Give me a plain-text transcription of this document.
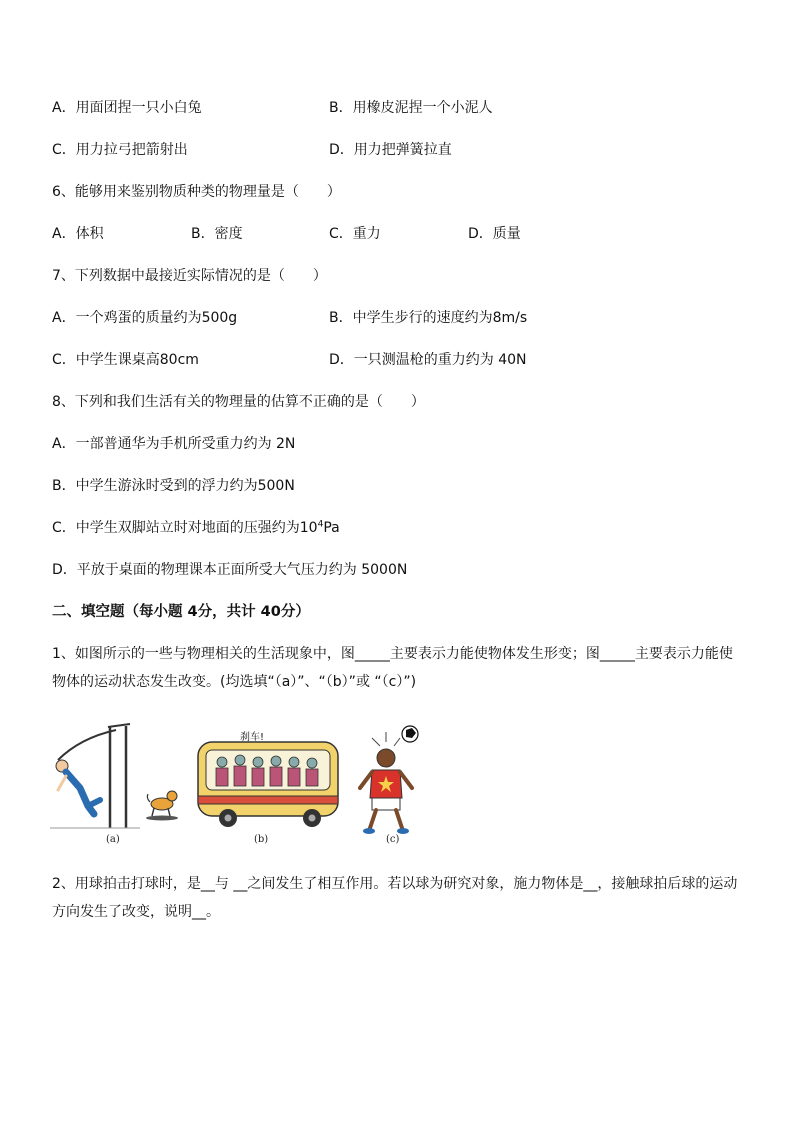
A．用面团捏一只小白兔	B．用橡皮泥捏一个小泥人
C．用力拉弓把箭射出	D．用力把弹簧拉直
6、能够用来鉴别物质种类的物理量是（　　）
A．体积	B．密度	C．重力	D．质量
7、下列数据中最接近实际情况的是（　　）
A．一个鸡蛋的质量约为500g	B．中学生步行的速度约为8m/s
C．中学生课桌高80cm	D．一只测温枪的重力约为 40N
8、下列和我们生活有关的物理量的估算不正确的是（　　）
A．一部普通华为手机所受重力约为 2N
B．中学生游泳时受到的浮力约为500N
C．中学生双脚站立时对地面的压强约为$10^4Pa$
D．平放于桌面的物理课本正面所受大气压力约为 5000N
二、填空题（每小题 4分，共计 40分）
1、如图所示的一些与物理相关的生活现象中，图_____主要表示力能使物体发生形变；图_____主要表示力能使物体的运动状态发生改变。(均选填“（a）”、“（b）”或 “（c）”)
刹车!
(a)	(b)	(c)
2、用球拍击打球时，是__与 __之间发生了相互作用。若以球为研究对象，施力物体是__，接触球拍后球的运动方向发生了改变，说明__。
